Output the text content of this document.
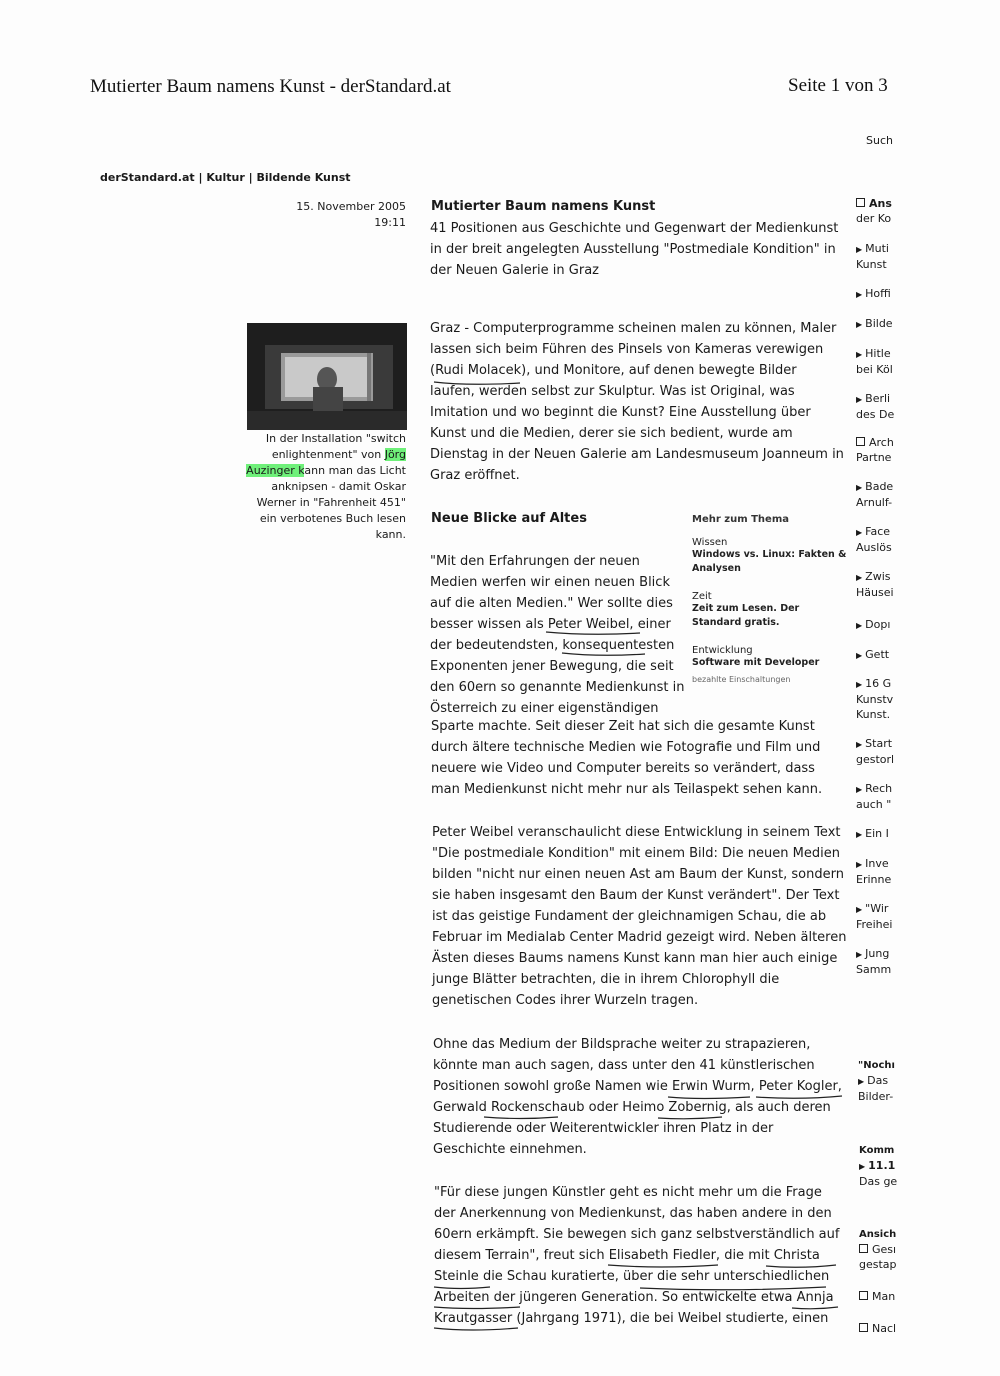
Mutierter Baum namens Kunst - derStandard.at	Seite 1 von 3
Such
derStandard.at | Kultur | Bildende Kunst
15. November 2005
19:11
In der Installation "switch
enlightenment" von Jörg
Auzinger kann man das Licht
anknipsen - damit Oskar
Werner in "Fahrenheit 451"
ein verbotenes Buch lesen
kann.
Mutierter Baum namens Kunst

41 Positionen aus Geschichte und Gegenwart der Medienkunst

in der breit angelegten Ausstellung "Postmediale Kondition" in

der Neuen Galerie in Graz

Graz - Computerprogramme scheinen malen zu können, Maler

lassen sich beim Führen des Pinsels von Kameras verewigen

(Rudi Molacek), und Monitore, auf denen bewegte Bilder

laufen, werden selbst zur Skulptur. Was ist Original, was

Imitation und wo beginnt die Kunst? Eine Ausstellung über

Kunst und die Medien, derer sie sich bedient, wurde am

Dienstag in der Neuen Galerie am Landesmuseum Joanneum in

Graz eröffnet.

Neue Blicke auf Altes	Mehr zum Thema
Wissen
Windows vs. Linux: Fakten &
Analysen
Zeit
Zeit zum Lesen. Der
Standard gratis.
Entwicklung
Software mit Developer
bezahlte Einschaltungen

"Mit den Erfahrungen der neuen

Medien werfen wir einen neuen Blick

auf die alten Medien." Wer sollte dies

besser wissen als Peter Weibel, einer

der bedeutendsten, konsequentesten

Exponenten jener Bewegung, die seit

den 60ern so genannte Medienkunst in

Österreich zu einer eigenständigen

Sparte machte. Seit dieser Zeit hat sich die gesamte Kunst

durch ältere technische Medien wie Fotografie und Film und

neuere wie Video und Computer bereits so verändert, dass

man Medienkunst nicht mehr nur als Teilaspekt sehen kann.

Peter Weibel veranschaulicht diese Entwicklung in seinem Text

"Die postmediale Kondition" mit einem Bild: Die neuen Medien

bilden "nicht nur einen neuen Ast am Baum der Kunst, sondern

sie haben insgesamt den Baum der Kunst verändert". Der Text

ist das geistige Fundament der gleichnamigen Schau, die ab

Februar im Medialab Center Madrid gezeigt wird. Neben älteren

Ästen dieses Baums namens Kunst kann man hier auch einige

junge Blätter betrachten, die in ihrem Chlorophyll die

genetischen Codes ihrer Wurzeln tragen.

Ohne das Medium der Bildsprache weiter zu strapazieren,

könnte man auch sagen, dass unter den 41 künstlerischen

Positionen sowohl große Namen wie Erwin Wurm, Peter Kogler,

Gerwald Rockenschaub oder Heimo Zobernig, als auch deren

Studierende oder Weiterentwickler ihren Platz in der

Geschichte einnehmen.

"Für diese jungen Künstler geht es nicht mehr um die Frage

der Anerkennung von Medienkunst, das haben andere in den

60ern erkämpft. Sie bewegen sich ganz selbstverständlich auf

diesem Terrain", freut sich Elisabeth Fiedler, die mit Christa

Steinle die Schau kuratierte, über die sehr unterschiedlichen

Arbeiten der jüngeren Generation. So entwickelte etwa Annja

Krautgasser (Jahrgang 1971), die bei Weibel studierte, einen

Ans
der Ko
▶ Muti
Kunst
▶ Hoffi
▶ Bilde
▶ Hitle
bei Köl
▶ Berli
des De
Arch
Partne
▶ Bade
Arnulf-
▶ Face
Auslös
▶ Zwis
Häusei
▶ Dopı
▶ Gett
▶ 16 G
Kunstv
Kunst.
▶ Start
gestorl
▶ Rech
auch "
▶ Ein I
▶ Inve
Erinne
▶ "Wir
Freihei
▶ Jung
Samm
"Nochı
▶ Das
Bilder-
Komm
▶ 11.1
Das ge
Ansich
Gesı
gestap
Man
Nacl
